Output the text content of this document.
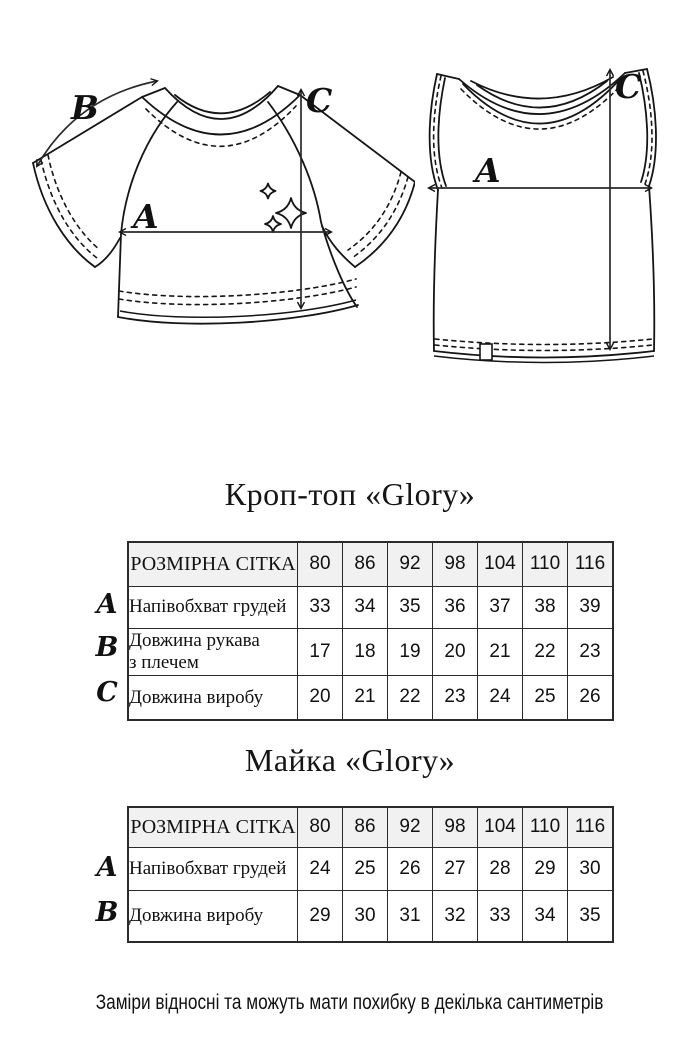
A
B	C
A
C
Кроп-топ «Glory»
РОЗМІРНА СІТКА	80	86	92	98	104	110	116
Напівобхват грудей	33	34	35	36	37	38	39

Довжина рукава
з плечем	17	18	19	20	21	22	23
Довжина виробу	20	21	22	23	24	25	26
A
B
C
Майка «Glory»
РОЗМІРНА СІТКА	80	86	92	98	104	110	116
Напівобхват грудей	24	25	26	27	28	29	30
Довжина виробу	29	30	31	32	33	34	35
A
B
Заміри відносні та можуть мати похибку в декілька сантиметрів
